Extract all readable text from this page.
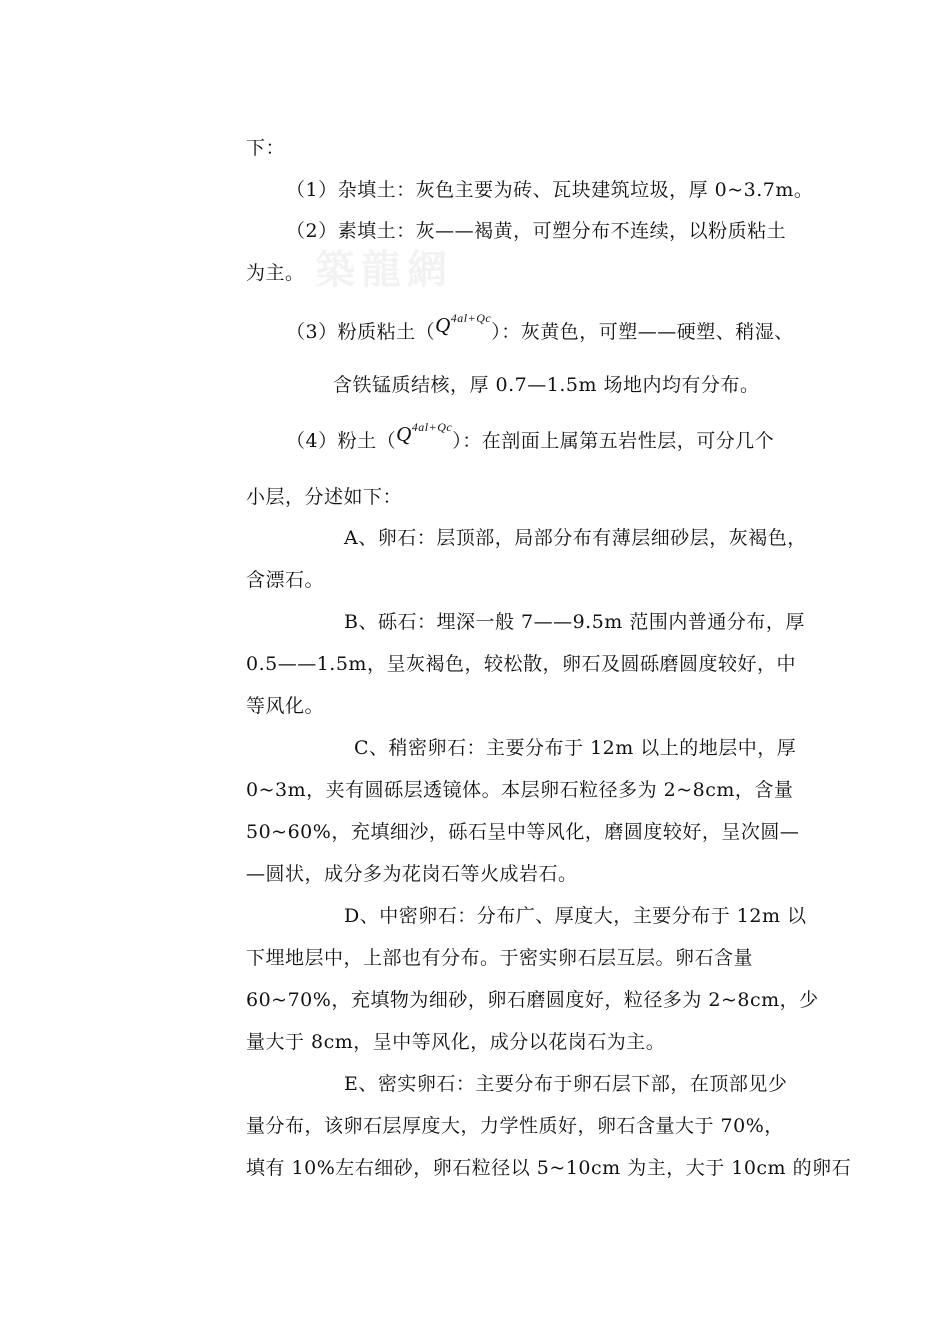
築龍網
下：
（1）杂填土：灰色主要为砖、瓦块建筑垃圾，厚 0~3.7m。
（2）素填土：灰——褐黄，可塑分布不连续，以粉质粘土
为主。
（3）粉质粘土$(Q^{4al+Qc})$：灰黄色，可塑——硬塑、稍湿、
含铁锰质结核，厚 0.7—1.5m 场地内均有分布。
（4）粉土$(Q^{4al+Qc})$：在剖面上属第五岩性层，可分几个
小层，分述如下：
A、卵石：层顶部，局部分布有薄层细砂层，灰褐色，
含漂石。
B、砾石：埋深一般 7——9.5m 范围内普通分布，厚
0.5——1.5m，呈灰褐色，较松散，卵石及圆砾磨圆度较好，中
等风化。
C、稍密卵石：主要分布于 12m 以上的地层中，厚
0~3m，夹有圆砾层透镜体。本层卵石粒径多为 2~8cm，含量
50~60%，充填细沙，砾石呈中等风化，磨圆度较好，呈次圆—
—圆状，成分多为花岗石等火成岩石。
D、中密卵石：分布广、厚度大，主要分布于 12m 以
下埋地层中，上部也有分布。于密实卵石层互层。卵石含量
60~70%，充填物为细砂，卵石磨圆度好，粒径多为 2~8cm，少
量大于 8cm，呈中等风化，成分以花岗石为主。
E、密实卵石：主要分布于卵石层下部，在顶部见少
量分布，该卵石层厚度大，力学性质好，卵石含量大于 70%，
填有 10%左右细砂，卵石粒径以 5~10cm 为主，大于 10cm 的卵石
